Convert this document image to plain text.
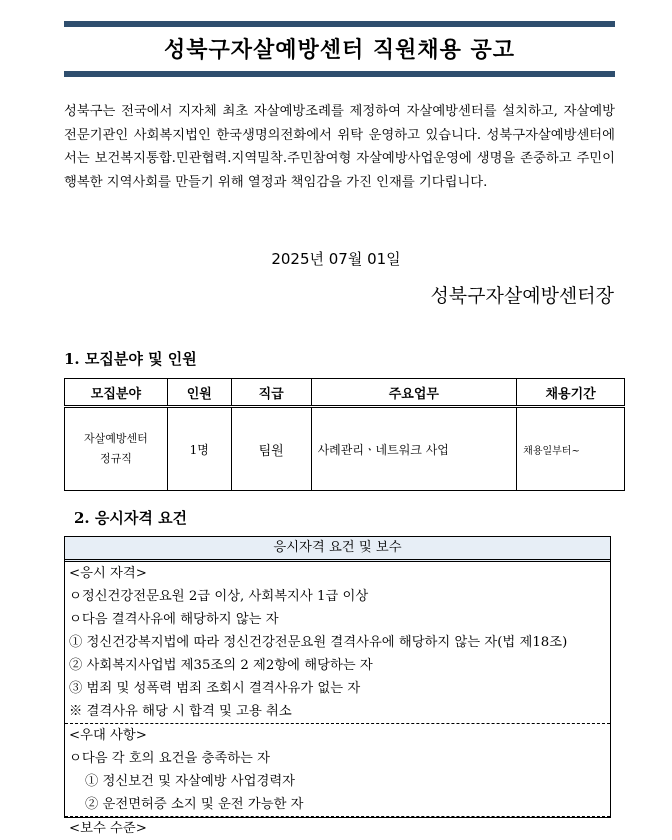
성북구자살예방센터 직원채용 공고

성북구는 전국에서 지자체 최초 자살예방조례를 제정하여 자살예방센터를 설치하고, 자살예방전문기관인 사회복지법인 한국생명의전화에서 위탁 운영하고 있습니다. 성북구자살예방센터에서는 보건복지통합.민관협력.지역밀착.주민참여형 자살예방사업운영에 생명을 존중하고 주민이 행복한 지역사회를 만들기 위해 열정과 책임감을 가진 인재를 기다립니다.

2025년 07월 01일
성북구자살예방센터장
1. 모집분야 및 인원
모집분야	인원	직급	주요업무	채용기간

자살예방센터
정규직	1명	팀원	사례관리ㆍ네트워크 사업	채용일부터~
2. 응시자격 요건
응시자격 요건 및 보수
<응시 자격>
ㅇ정신건강전문요원 2급 이상, 사회복지사 1급 이상
ㅇ다음 결격사유에 해당하지 않는 자
① 정신건강복지법에 따라 정신건강전문요원 결격사유에 해당하지 않는 자(법 제18조)
② 사회복지사업법 제35조의 2 제2항에 해당하는 자
③ 범죄 및 성폭력 범죄 조회시 결격사유가 없는 자
※ 결격사유 해당 시 합격 및 고용 취소
<우대 사항>
ㅇ다음 각 호의 요건을 충족하는 자
① 정신보건 및 자살예방 사업경력자
② 운전면허증 소지 및 운전 가능한 자
<보수 수준>
